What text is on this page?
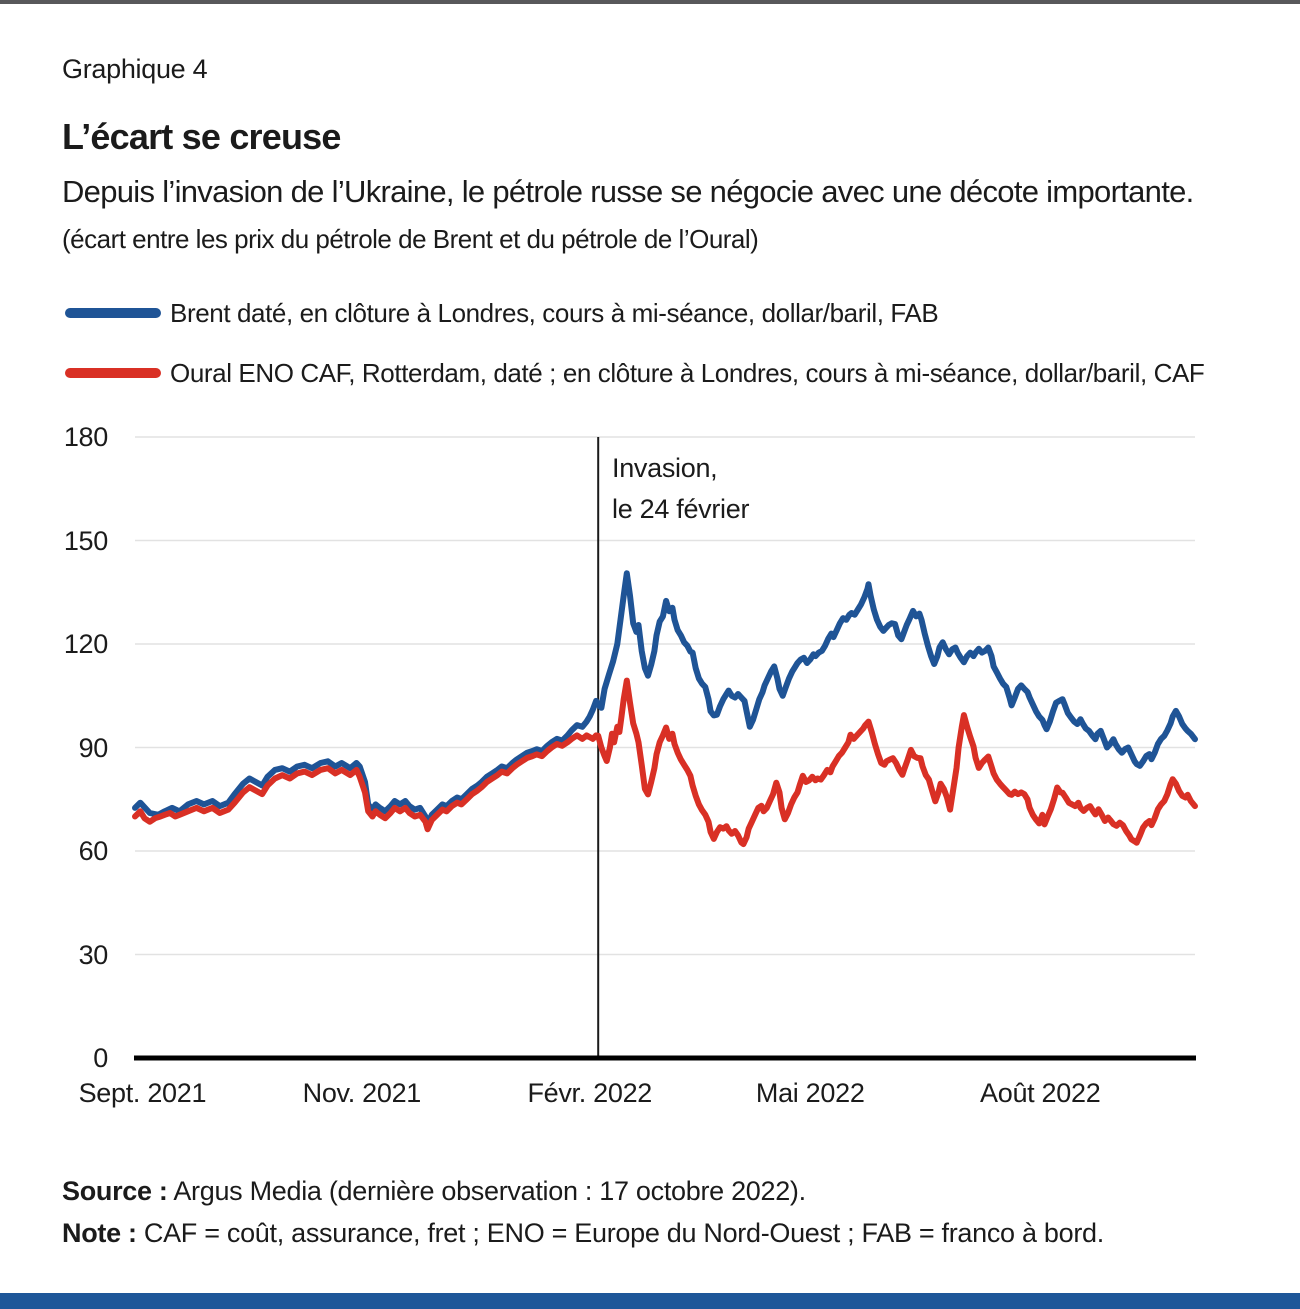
Graphique 4
L’écart se creuse
Depuis l’invasion de l’Ukraine, le pétrole russe se négocie avec une décote importante.
(écart entre les prix du pétrole de Brent et du pétrole de l’Oural)
Brent daté, en clôture à Londres, cours à mi-séance, dollar/baril, FAB
Oural ENO CAF, Rotterdam, daté ; en clôture à Londres, cours à mi-séance, dollar/baril, CAF
0
30
60
90
120
150
180
Sept. 2021	Nov. 2021	Févr. 2022	Mai 2022	Août 2022
Invasion,
le 24 février
Source : Argus Media (dernière observation : 17 octobre 2022).
Note : CAF = coût, assurance, fret ; ENO = Europe du Nord-Ouest ; FAB = franco à bord.
